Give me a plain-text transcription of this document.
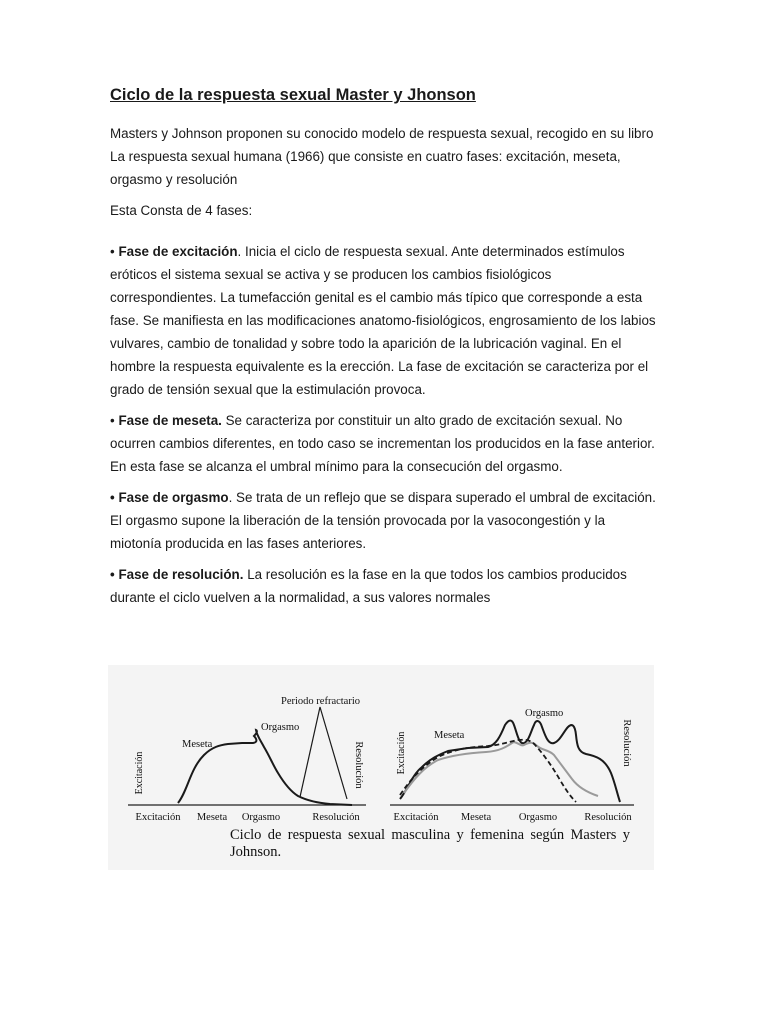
Ciclo de la respuesta sexual Master y Jhonson

Masters y Johnson proponen su conocido modelo de respuesta sexual, recogido en su libro La respuesta sexual humana (1966) que consiste en cuatro fases: excitación, meseta, orgasmo y resolución

Esta Consta de 4 fases:

• Fase de excitación. Inicia el ciclo de respuesta sexual. Ante determinados estímulos eróticos el sistema sexual se activa y se producen los cambios fisiológicos correspondientes. La tumefacción genital es el cambio más típico que corresponde a esta fase. Se manifiesta en las modificaciones anatomo-fisiológicos, engrosamiento de los labios vulvares, cambio de tonalidad y sobre todo la aparición de la lubricación vaginal. En el hombre la respuesta equivalente es la erección. La fase de excitación se caracteriza por el grado de tensión sexual que la estimulación provoca.

• Fase de meseta. Se caracteriza por constituir un alto grado de excitación sexual. No ocurren cambios diferentes, en todo caso se incrementan los producidos en la fase anterior. En esta fase se alcanza el umbral mínimo para la consecución del orgasmo.

• Fase de orgasmo. Se trata de un reflejo que se dispara superado el umbral de excitación. El orgasmo supone la liberación de la tensión provocada por la vasocongestión y la miotonía producida en las fases anteriores.

• Fase de resolución. La resolución es la fase en la que todos los cambios producidos durante el ciclo vuelven a la normalidad, a sus valores normales

Excitación
Meseta
Orgasmo
Periodo refractario
Resolución
Excitación Meseta Orgasmo	Resolución
Excitación	Meseta
Orgasmo
Resolución
Excitación Meseta	Orgasmo	Resolución
Ciclo de respuesta sexual masculina y femenina según Masters y Johnson.
